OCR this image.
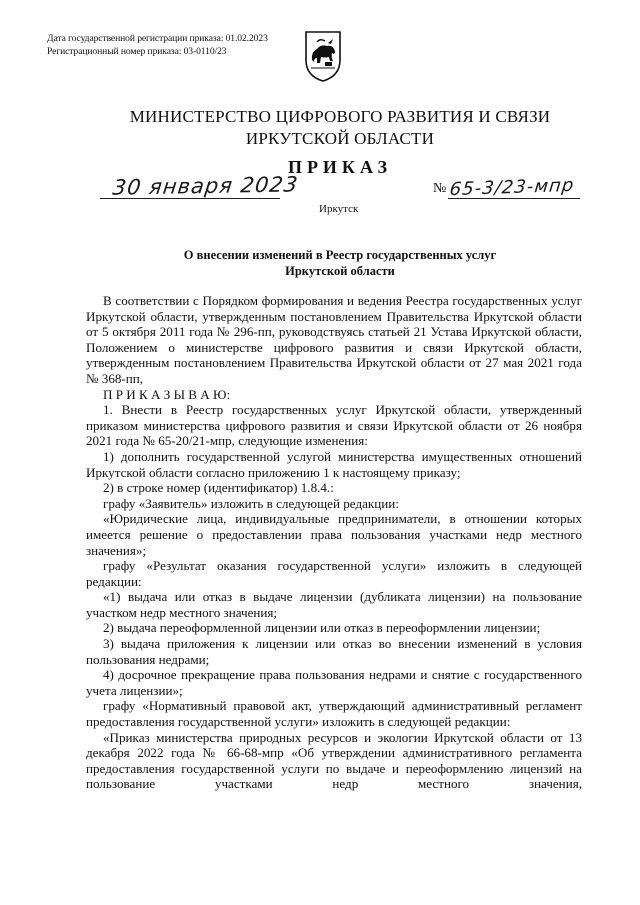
Дата государственной регистрации приказа: 01.02.2023
Регистрационный номер приказа: 03-0110/23
МИНИСТЕРСТВО ЦИФРОВОГО РАЗВИТИЯ И СВЯЗИ
ИРКУТСКОЙ ОБЛАСТИ
ПРИКАЗ
30 января 2023	№ 65-3/23-мпр
Иркутск
О внесении изменений в Реестр государственных услуг
Иркутской области

В соответствии с Порядком формирования и ведения Реестра государственных услуг Иркутской области, утвержденным постановлением Правительства Иркутской области от 5 октября 2011 года № 296-пп, руководствуясь статьей 21 Устава Иркутской области, Положением о министерстве цифрового развития и связи Иркутской области, утвержденным постановлением Правительства Иркутской области от 27 мая 2021 года № 368-пп,

П Р И К А З Ы В А Ю:

1. Внести в Реестр государственных услуг Иркутской области, утвержденный приказом министерства цифрового развития и связи Иркутской области от 26 ноября 2021 года № 65-20/21-мпр, следующие изменения:

1) дополнить государственной услугой министерства имущественных отношений Иркутской области согласно приложению 1 к настоящему приказу;

2) в строке номер (идентификатор) 1.8.4.:

графу «Заявитель» изложить в следующей редакции:

«Юридические лица, индивидуальные предприниматели, в отношении которых имеется решение о предоставлении права пользования участками недр местного значения»;

графу «Результат оказания государственной услуги» изложить в следующей редакции:

«1) выдача или отказ в выдаче лицензии (дубликата лицензии) на пользование участком недр местного значения;

2) выдача переоформленной лицензии или отказ в переоформлении лицензии;

3) выдача приложения к лицензии или отказ во внесении изменений в условия пользования недрами;

4) досрочное прекращение права пользования недрами и снятие с государственного учета лицензии»;

графу «Нормативный правовой акт, утверждающий административный регламент предоставления государственной услуги» изложить в следующей редакции:

«Приказ министерства природных ресурсов и экологии Иркутской области от 13 декабря 2022 года № 66-68-мпр «Об утверждении административного регламента предоставления государственной услуги по выдаче и переоформлению лицензий на пользование участками недр местного значения,
